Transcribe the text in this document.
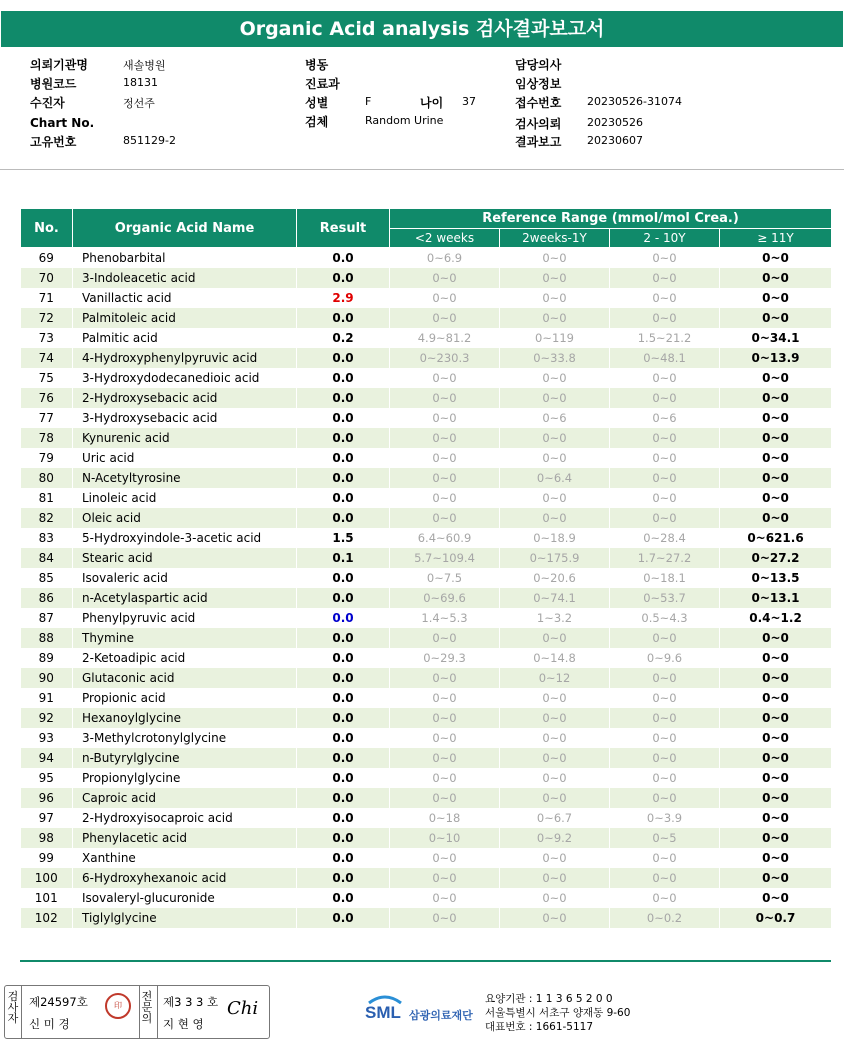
Organic Acid analysis 검사결과보고서
의뢰기관명	새솔병원
병원코드	18131
수진자	정선주
Chart No.
고유번호	851129-2
병동
진료과
성별	F	나이 37
검체	Random Urine
담당의사
임상정보
접수번호 20230526-31074
검사의뢰 20230526
결과보고 20230607
No.	Organic Acid Name	Result	Reference Range (mmol/mol Crea.)			
			<2 weeks	2weeks-1Y	2 - 10Y	≥ 11Y
69	Phenobarbital	0.0	0~6.9	0~0	0~0	0~0
70	3-Indoleacetic acid	0.0	0~0	0~0	0~0	0~0
71	Vanillactic acid	2.9	0~0	0~0	0~0	0~0
72	Palmitoleic acid	0.0	0~0	0~0	0~0	0~0
73	Palmitic acid	0.2	4.9~81.2	0~119	1.5~21.2	0~34.1
74	4-Hydroxyphenylpyruvic acid	0.0	0~230.3	0~33.8	0~48.1	0~13.9
75	3-Hydroxydodecanedioic acid	0.0	0~0	0~0	0~0	0~0
76	2-Hydroxysebacic acid	0.0	0~0	0~0	0~0	0~0
77	3-Hydroxysebacic acid	0.0	0~0	0~6	0~6	0~0
78	Kynurenic acid	0.0	0~0	0~0	0~0	0~0
79	Uric acid	0.0	0~0	0~0	0~0	0~0
80	N-Acetyltyrosine	0.0	0~0	0~6.4	0~0	0~0
81	Linoleic acid	0.0	0~0	0~0	0~0	0~0
82	Oleic acid	0.0	0~0	0~0	0~0	0~0
83	5-Hydroxyindole-3-acetic acid	1.5	6.4~60.9	0~18.9	0~28.4	0~621.6
84	Stearic acid	0.1	5.7~109.4	0~175.9	1.7~27.2	0~27.2
85	Isovaleric acid	0.0	0~7.5	0~20.6	0~18.1	0~13.5
86	n-Acetylaspartic acid	0.0	0~69.6	0~74.1	0~53.7	0~13.1
87	Phenylpyruvic acid	0.0	1.4~5.3	1~3.2	0.5~4.3	0.4~1.2
88	Thymine	0.0	0~0	0~0	0~0	0~0
89	2-Ketoadipic acid	0.0	0~29.3	0~14.8	0~9.6	0~0
90	Glutaconic acid	0.0	0~0	0~12	0~0	0~0
91	Propionic acid	0.0	0~0	0~0	0~0	0~0
92	Hexanoylglycine	0.0	0~0	0~0	0~0	0~0
93	3-Methylcrotonylglycine	0.0	0~0	0~0	0~0	0~0
94	n-Butyrylglycine	0.0	0~0	0~0	0~0	0~0
95	Propionylglycine	0.0	0~0	0~0	0~0	0~0
96	Caproic acid	0.0	0~0	0~0	0~0	0~0
97	2-Hydroxyisocaproic acid	0.0	0~18	0~6.7	0~3.9	0~0
98	Phenylacetic acid	0.0	0~10	0~9.2	0~5	0~0
99	Xanthine	0.0	0~0	0~0	0~0	0~0
100	6-Hydroxyhexanoic acid	0.0	0~0	0~0	0~0	0~0
101	Isovaleryl-glucuronide	0.0	0~0	0~0	0~0	0~0
102	Tiglylglycine	0.0	0~0	0~0	0~0.2	0~0.7
검
사
자
제24597호
신 미 경
印
전
문
의
제3 3 3 호
지 현 영
Chi	SML 삼광의료재단
요양기관 : 1 1 3 6 5 2 0 0
서울특별시 서초구 양재동 9-60
대표번호 : 1661-5117
